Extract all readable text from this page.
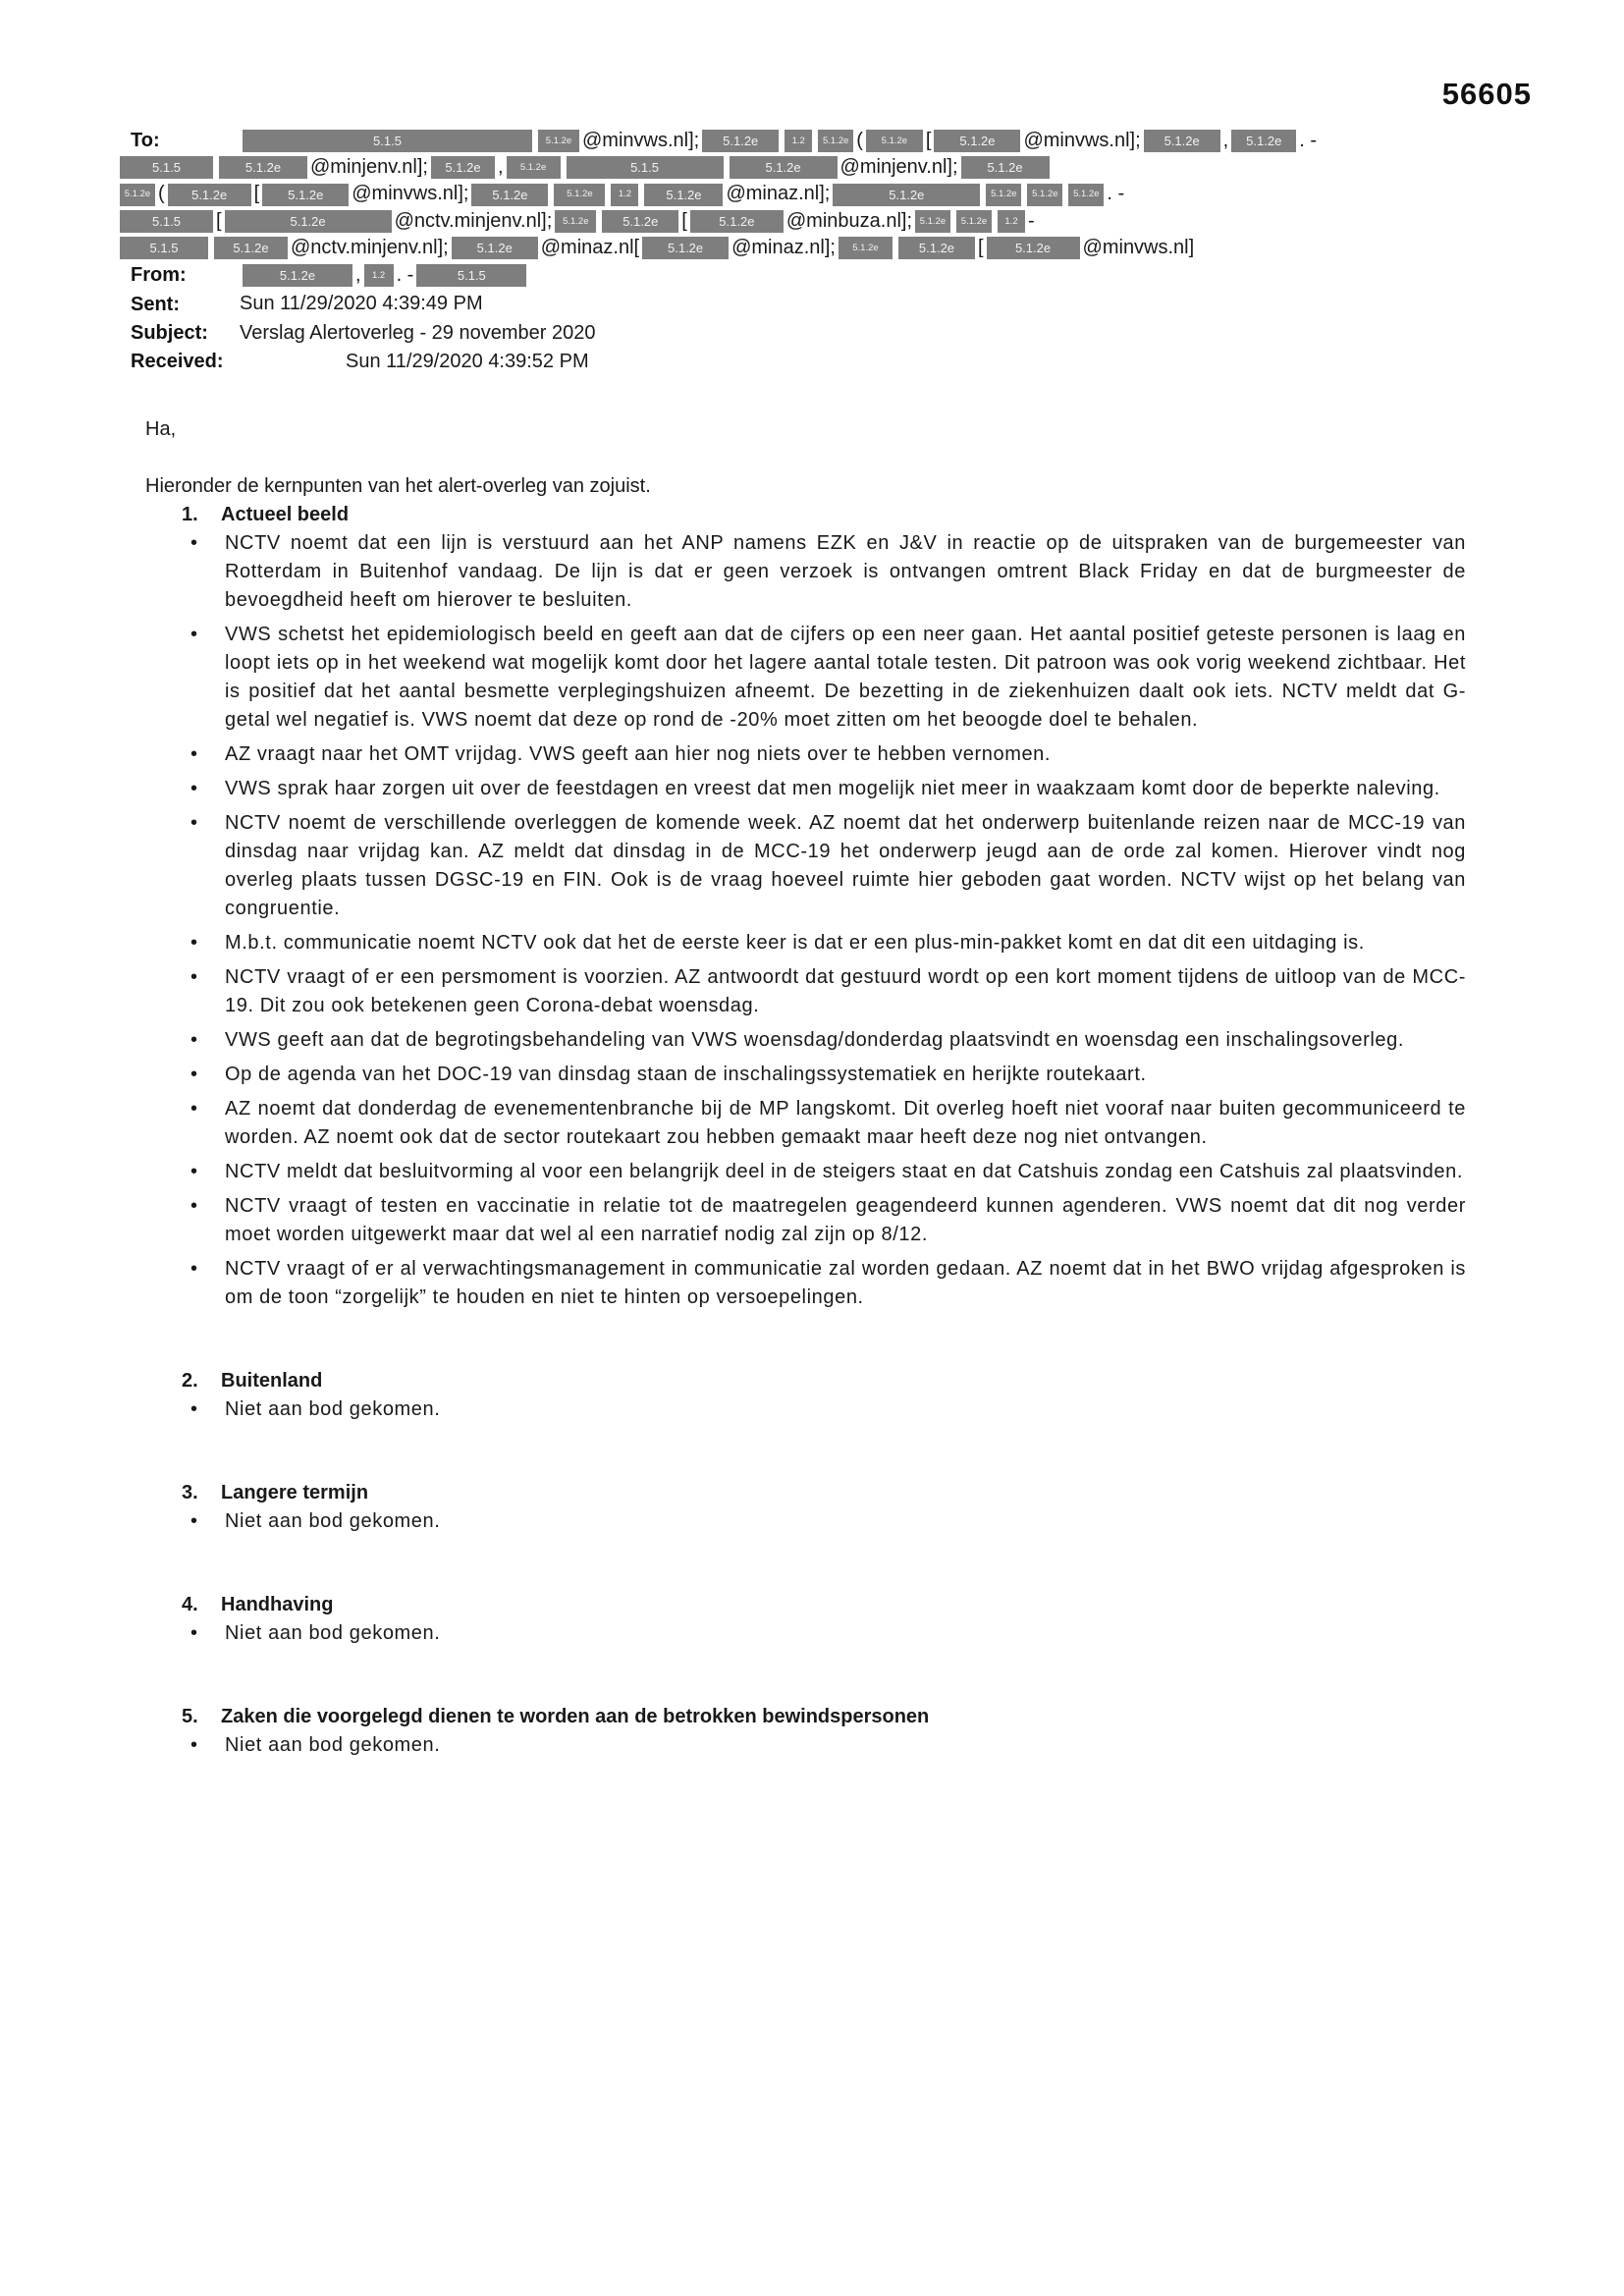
56605
To:	5.1.5	5.1.2e @minvws.nl]; 5.1.2e	1.2 5.1.2e ( 5.1.2e [ 5.1.2e @minvws.nl]; 5.1.2e , 5.1.2e . -
5.1.5	5.1.2e @minjenv.nl]; 5.1.2e , 5.1.2e	5.1.5	5.1.2e @minjenv.nl]; 5.1.2e
5.1.2e ( 5.1.2e [ 5.1.2e @minvws.nl]; 5.1.2e	5.1.2e	1.2	5.1.2e @minaz.nl];	5.1.2e	5.1.2e 5.1.2e 5.1.2e . -
5.1.5 [	5.1.2e	@nctv.minjenv.nl]; 5.1.2e	5.1.2e [ 5.1.2e @minbuza.nl]; 5.1.2e 5.1.2e 1.2 -
5.1.5	5.1.2e @nctv.minjenv.nl]; 5.1.2e @minaz.nl[ 5.1.2e @minaz.nl]; 5.1.2e	5.1.2e [ 5.1.2e @minvws.nl]
From:	5.1.2e , 1.2 . -	5.1.5
Sent:	Sun 11/29/2020 4:39:49 PM
Subject: Verslag Alertoverleg - 29 november 2020
Received:	Sun 11/29/2020 4:39:52 PM
Ha,
Hieronder de kernpunten van het alert-overleg van zojuist.
1.	Actueel beeld
• NCTV noemt dat een lijn is verstuurd aan het ANP namens EZK en J&V in reactie op de uitspraken van de burgemeester van Rotterdam in Buitenhof vandaag. De lijn is dat er geen verzoek is ontvangen omtrent Black Friday en dat de burgmeester de bevoegdheid heeft om hierover te besluiten.
• VWS schetst het epidemiologisch beeld en geeft aan dat de cijfers op een neer gaan. Het aantal positief geteste personen is laag en loopt iets op in het weekend wat mogelijk komt door het lagere aantal totale testen. Dit patroon was ook vorig weekend zichtbaar. Het is positief dat het aantal besmette verplegingshuizen afneemt. De bezetting in de ziekenhuizen daalt ook iets. NCTV meldt dat G-getal wel negatief is. VWS noemt dat deze op rond de -20% moet zitten om het beoogde doel te behalen.
• AZ vraagt naar het OMT vrijdag. VWS geeft aan hier nog niets over te hebben vernomen.
• VWS sprak haar zorgen uit over de feestdagen en vreest dat men mogelijk niet meer in waakzaam komt door de beperkte naleving.
• NCTV noemt de verschillende overleggen de komende week. AZ noemt dat het onderwerp buitenlande reizen naar de MCC-19 van dinsdag naar vrijdag kan. AZ meldt dat dinsdag in de MCC-19 het onderwerp jeugd aan de orde zal komen. Hierover vindt nog overleg plaats tussen DGSC-19 en FIN. Ook is de vraag hoeveel ruimte hier geboden gaat worden. NCTV wijst op het belang van congruentie.
• M.b.t. communicatie noemt NCTV ook dat het de eerste keer is dat er een plus-min-pakket komt en dat dit een uitdaging is.
• NCTV vraagt of er een persmoment is voorzien. AZ antwoordt dat gestuurd wordt op een kort moment tijdens de uitloop van de MCC-19. Dit zou ook betekenen geen Corona-debat woensdag.
• VWS geeft aan dat de begrotingsbehandeling van VWS woensdag/donderdag plaatsvindt en woensdag een inschalingsoverleg.
• Op de agenda van het DOC-19 van dinsdag staan de inschalingssystematiek en herijkte routekaart.
• AZ noemt dat donderdag de evenementenbranche bij de MP langskomt. Dit overleg hoeft niet vooraf naar buiten gecommuniceerd te worden. AZ noemt ook dat de sector routekaart zou hebben gemaakt maar heeft deze nog niet ontvangen.
• NCTV meldt dat besluitvorming al voor een belangrijk deel in de steigers staat en dat Catshuis zondag een Catshuis zal plaatsvinden.
• NCTV vraagt of testen en vaccinatie in relatie tot de maatregelen geagendeerd kunnen agenderen. VWS noemt dat dit nog verder moet worden uitgewerkt maar dat wel al een narratief nodig zal zijn op 8/12.
• NCTV vraagt of er al verwachtingsmanagement in communicatie zal worden gedaan. AZ noemt dat in het BWO vrijdag afgesproken is om de toon “zorgelijk” te houden en niet te hinten op versoepelingen.
2.	Buitenland
• Niet aan bod gekomen.
3.	Langere termijn
• Niet aan bod gekomen.
4.	Handhaving
• Niet aan bod gekomen.
5.	Zaken die voorgelegd dienen te worden aan de betrokken bewindspersonen
• Niet aan bod gekomen.
